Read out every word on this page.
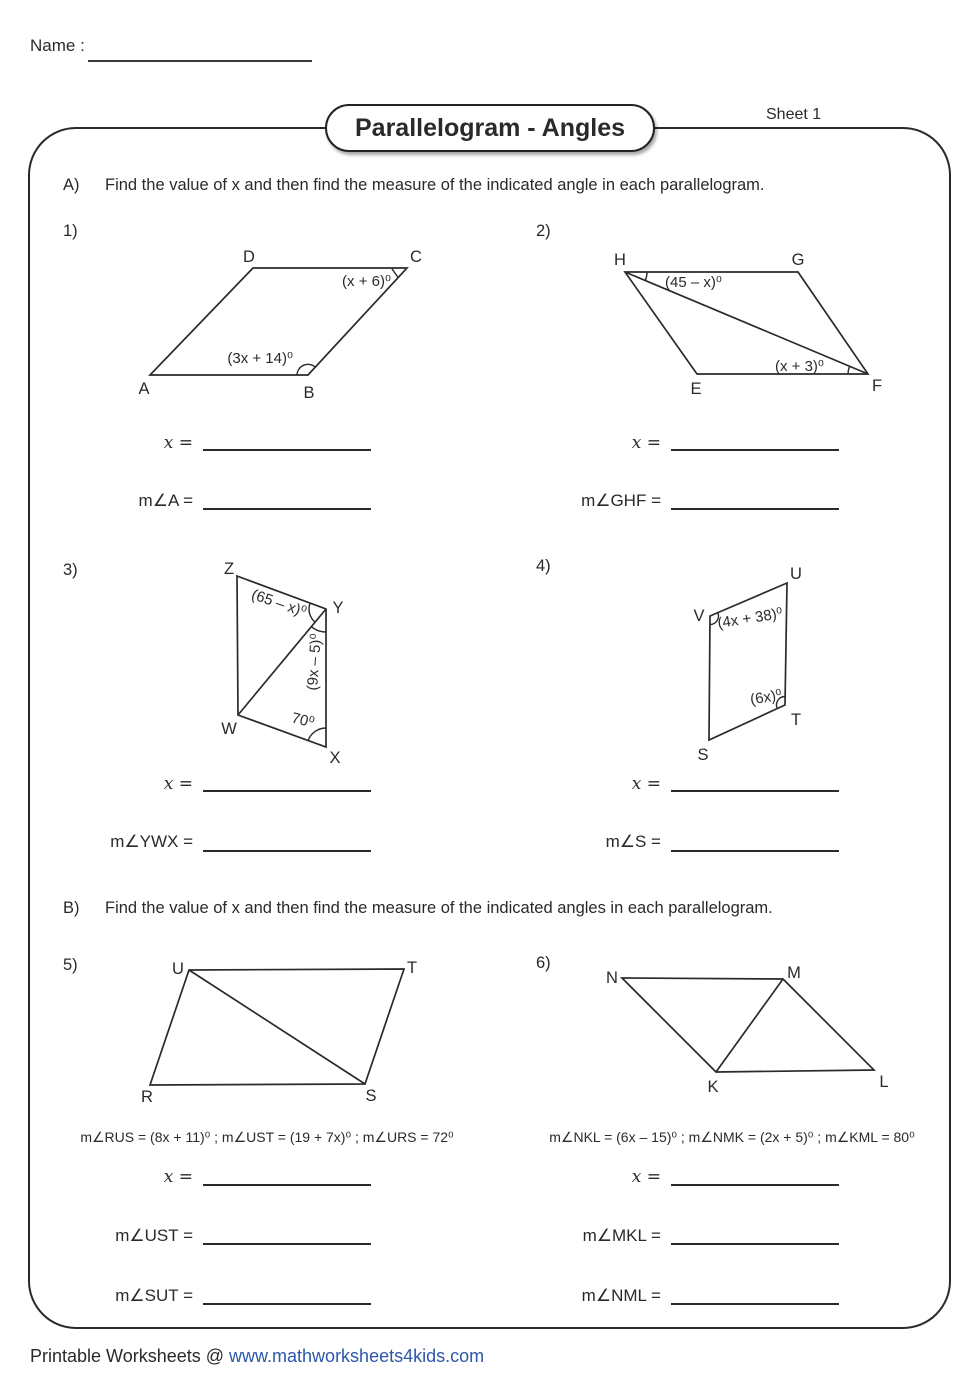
Name :
Sheet 1
Parallelogram - Angles
A) Find the value of x and then find the measure of the indicated angle in each parallelogram.
1)	2)
3)	4)
5)	6)
B) Find the value of x and then find the measure of the indicated angles in each parallelogram.
D	C
A	B
(x + 6)⁰
(3x + 14)⁰
H	G
E	F
(45 – x)⁰
(x + 3)⁰
Z
Y
W
X
(65 – x)⁰
(9x – 5)⁰
70⁰
U
V
T
S
(4x + 38)⁰
(6x)⁰
U	T
R	S
N	M
K	L
x =
m∠A =
x =
m∠GHF =
x =
m∠YWX =
x =
m∠S =
m∠RUS = (8x + 11)⁰ ; m∠UST = (19 + 7x)⁰ ; m∠URS = 72⁰	m∠NKL = (6x – 15)⁰ ; m∠NMK = (2x + 5)⁰ ; m∠KML = 80⁰
x =
m∠UST =
m∠SUT =
x =
m∠MKL =
m∠NML =
Printable Worksheets @ www.mathworksheets4kids.com
